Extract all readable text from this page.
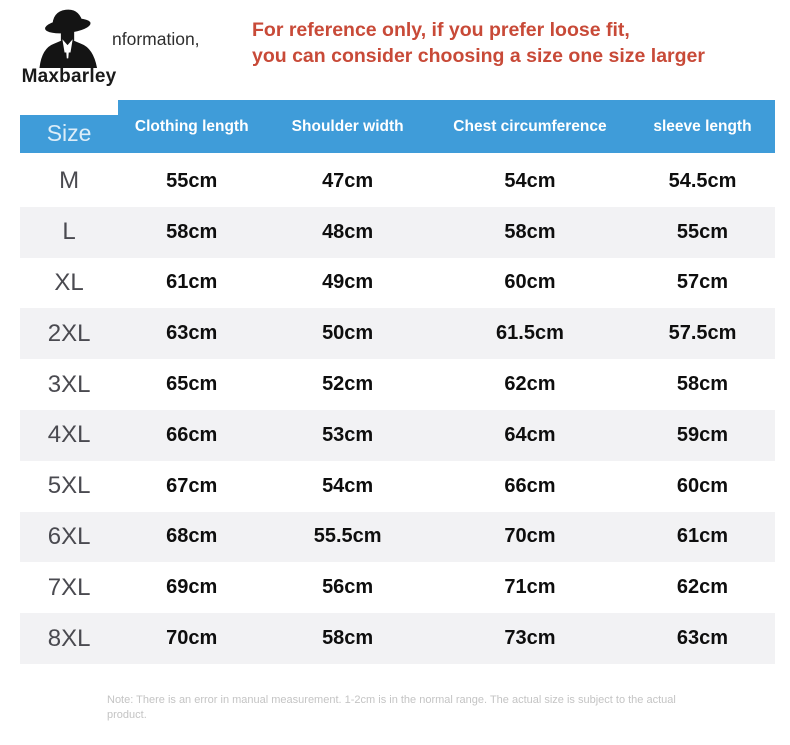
Maxbarley
nformation,	For reference only, if you prefer loose fit,
you can consider choosing a size one size larger
Size	Clothing length	Shoulder width	Chest circumference	sleeve length
M	55cm	47cm	54cm	54.5cm
L	58cm	48cm	58cm	55cm
XL	61cm	49cm	60cm	57cm
2XL	63cm	50cm	61.5cm	57.5cm
3XL	65cm	52cm	62cm	58cm
4XL	66cm	53cm	64cm	59cm
5XL	67cm	54cm	66cm	60cm
6XL	68cm	55.5cm	70cm	61cm
7XL	69cm	56cm	71cm	62cm
8XL	70cm	58cm	73cm	63cm

Note: There is an error in manual measurement. 1-2cm is in the normal range. The actual size is subject to the actual product.
